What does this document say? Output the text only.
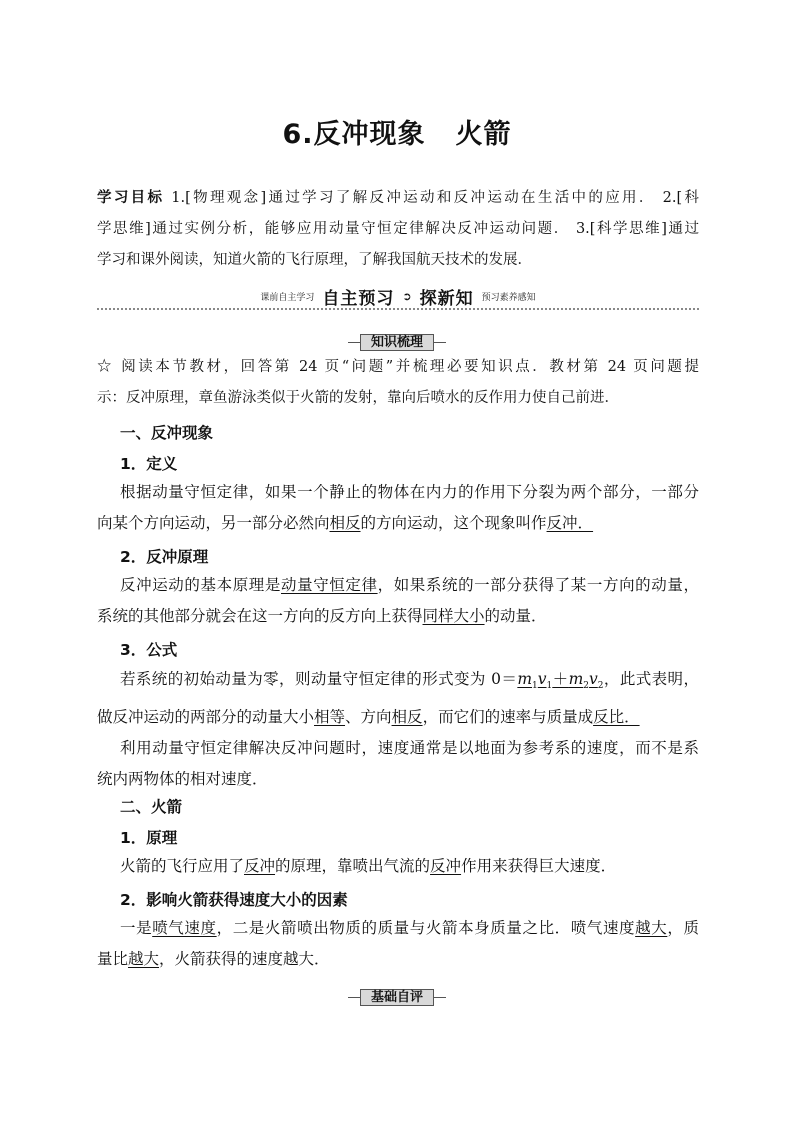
6.反冲现象 火箭
学习目标 1.[物理观念]通过学习了解反冲运动和反冲运动在生活中的应用． 2.[科
学思维]通过实例分析，能够应用动量守恒定律解决反冲运动问题． 3.[科学思维]通过
学习和课外阅读，知道火箭的飞行原理，了解我国航天技术的发展．
课前自主学习 自主预习 ➲ 探新知 预习素养感知
知识梳理
☆ 阅读本节教材，回答第 24 页“问题”并梳理必要知识点．教材第 24 页问题提
示：反冲原理，章鱼游泳类似于火箭的发射，靠向后喷水的反作用力使自己前进．
一、反冲现象
1．定义
根据动量守恒定律，如果一个静止的物体在内力的作用下分裂为两个部分，一部分
向某个方向运动，另一部分必然向相反的方向运动，这个现象叫作反冲．
2．反冲原理
反冲运动的基本原理是动量守恒定律，如果系统的一部分获得了某一方向的动量，
系统的其他部分就会在这一方向的反方向上获得同样大小的动量．
3．公式
若系统的初始动量为零，则动量守恒定律的形式变为 $0=m_1v_1+m_2v_2$，此式表明，
做反冲运动的两部分的动量大小相等、方向相反，而它们的速率与质量成反比．
利用动量守恒定律解决反冲问题时，速度通常是以地面为参考系的速度，而不是系
统内两物体的相对速度．
二、火箭
1．原理
火箭的飞行应用了反冲的原理，靠喷出气流的反冲作用来获得巨大速度．
2．影响火箭获得速度大小的因素
一是喷气速度，二是火箭喷出物质的质量与火箭本身质量之比．喷气速度越大，质
量比越大，火箭获得的速度越大．
基础自评
